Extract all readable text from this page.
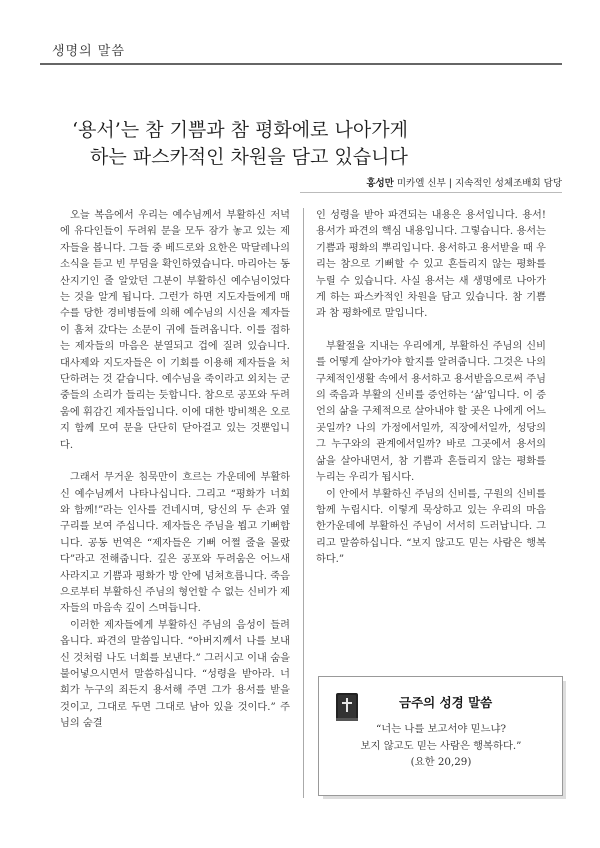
생명의 말씀
‘용서’는 참 기쁨과 참 평화에로 나아가게
하는 파스카적인 차원을 담고 있습니다
홍성만 미카엘 신부 | 지속적인 성체조배회 담당

오늘 복음에서 우리는 예수님께서 부활하신 저녁에 유다인들이 두려워 문을 모두 잠가 놓고 있는 제자들을 봅니다. 그들 중 베드로와 요한은 막달레나의 소식을 듣고 빈 무덤을 확인하였습니다. 마리아는 동산지기인 줄 알았던 그분이 부활하신 예수님이었다는 것을 알게 됩니다. 그런가 하면 지도자들에게 매수를 당한 경비병들에 의해 예수님의 시신을 제자들이 훔쳐 갔다는 소문이 귀에 들려옵니다. 이를 접하는 제자들의 마음은 분열되고 겁에 질려 있습니다. 대사제와 지도자들은 이 기회를 이용해 제자들을 처단하려는 것 같습니다. 예수님을 죽이라고 외치는 군중들의 소리가 들리는 듯합니다. 참으로 공포와 두려움에 휘감긴 제자들입니다. 이에 대한 방비책은 오로지 함께 모여 문을 단단히 닫아걸고 있는 것뿐입니다.

그래서 무거운 침묵만이 흐르는 가운데에 부활하신 예수님께서 나타나십니다. 그리고 “평화가 너희와 함께!”라는 인사를 건네시며, 당신의 두 손과 옆구리를 보여 주십니다. 제자들은 주님을 뵙고 기뻐합니다. 공동 번역은 “제자들은 기뻐 어쩔 줄을 몰랐다”라고 전해줍니다. 깊은 공포와 두려움은 어느새 사라지고 기쁨과 평화가 방 안에 넘쳐흐릅니다. 죽음으로부터 부활하신 주님의 형언할 수 없는 신비가 제자들의 마음속 깊이 스며듭니다.

이러한 제자들에게 부활하신 주님의 음성이 들려옵니다. 파견의 말씀입니다. “아버지께서 나를 보내신 것처럼 나도 너희를 보낸다.” 그러시고 이내 숨을 불어넣으시면서 말씀하십니다. “성령을 받아라. 너희가 누구의 죄든지 용서해 주면 그가 용서를 받을 것이고, 그대로 두면 그대로 남아 있을 것이다.” 주님의 숨결

인 성령을 받아 파견되는 내용은 용서입니다. 용서! 용서가 파견의 핵심 내용입니다. 그렇습니다. 용서는 기쁨과 평화의 뿌리입니다. 용서하고 용서받을 때 우리는 참으로 기뻐할 수 있고 흔들리지 않는 평화를 누릴 수 있습니다. 사실 용서는 새 생명에로 나아가게 하는 파스카적인 차원을 담고 있습니다. 참 기쁨과 참 평화에로 말입니다.

부활절을 지내는 우리에게, 부활하신 주님의 신비를 어떻게 살아가야 할지를 알려줍니다. 그것은 나의 구체적인생활 속에서 용서하고 용서받음으로써 주님의 죽음과 부활의 신비를 증언하는 ‘삶’입니다. 이 증언의 삶을 구체적으로 살아내야 할 곳은 나에게 어느 곳일까? 나의 가정에서일까, 직장에서일까, 성당의 그 누구와의 관계에서일까? 바로 그곳에서 용서의 삶을 살아내면서, 참 기쁨과 흔들리지 않는 평화를 누리는 우리가 됩시다.

이 안에서 부활하신 주님의 신비를, 구원의 신비를 함께 누립시다. 이렇게 묵상하고 있는 우리의 마음 한가운데에 부활하신 주님이 서서히 드러납니다. 그리고 말씀하십니다. “보지 않고도 믿는 사람은 행복하다.”

금주의 성경 말씀
“너는 나를 보고서야 믿느냐?
보지 않고도 믿는 사람은 행복하다.”
(요한 20,29)
